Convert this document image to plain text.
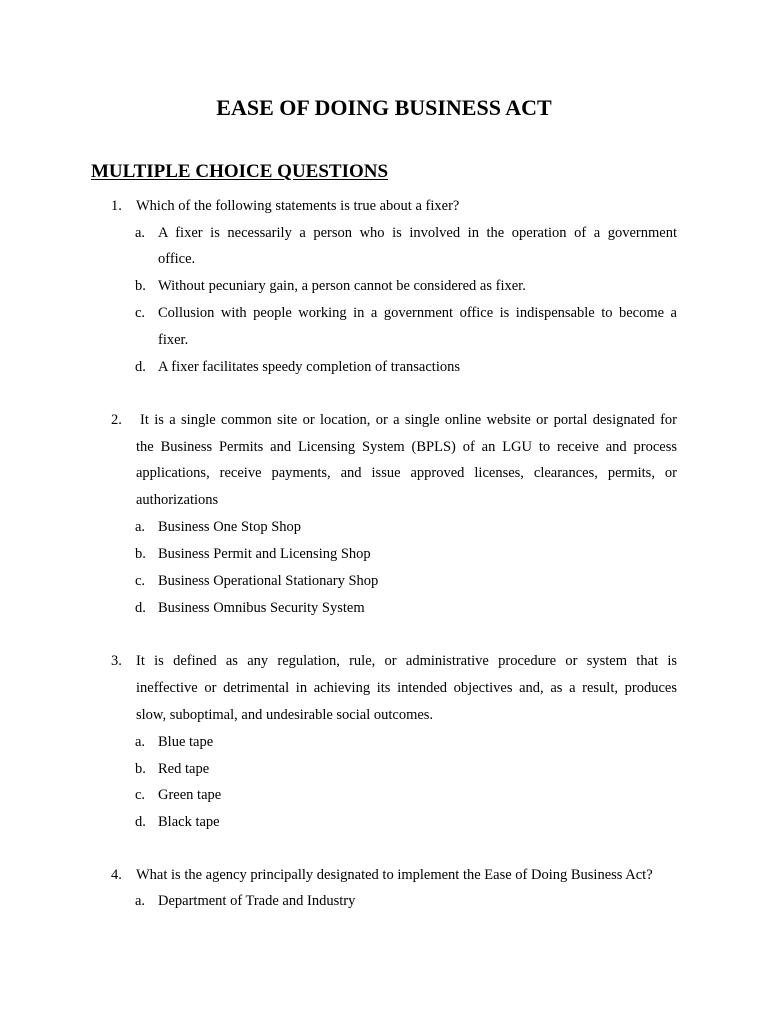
EASE OF DOING BUSINESS ACT
MULTIPLE CHOICE QUESTIONS
1. Which of the following statements is true about a fixer?
a. A fixer is necessarily a person who is involved in the operation of a government
office.
b. Without pecuniary gain, a person cannot be considered as fixer.
c. Collusion with people working in a government office is indispensable to become a
fixer.
d. A fixer facilitates speedy completion of transactions
2. It is a single common site or location, or a single online website or portal designated for
the Business Permits and Licensing System (BPLS) of an LGU to receive and process
applications, receive payments, and issue approved licenses, clearances, permits, or
authorizations
a. Business One Stop Shop
b. Business Permit and Licensing Shop
c. Business Operational Stationary Shop
d. Business Omnibus Security System
3. It is defined as any regulation, rule, or administrative procedure or system that is
ineffective or detrimental in achieving its intended objectives and, as a result, produces
slow, suboptimal, and undesirable social outcomes.
a. Blue tape
b. Red tape
c. Green tape
d. Black tape
4. What is the agency principally designated to implement the Ease of Doing Business Act?
a. Department of Trade and Industry
